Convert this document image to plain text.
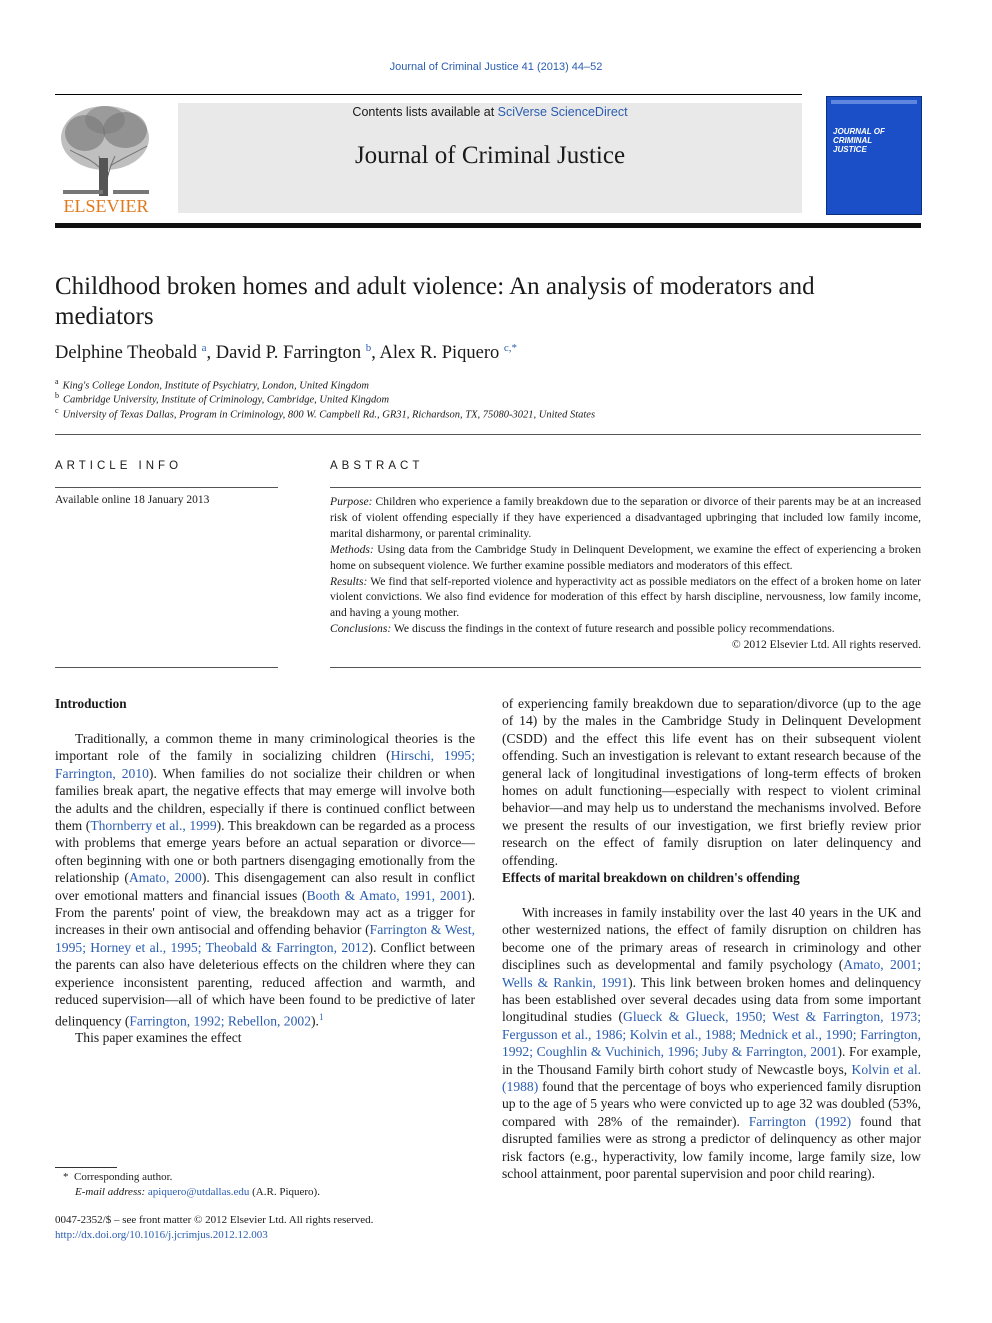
Journal of Criminal Justice 41 (2013) 44–52
ELSEVIER
Contents lists available at SciVerse ScienceDirect
Journal of Criminal Justice
JOURNAL OF CRIMINAL JUSTICE
Childhood broken homes and adult violence: An analysis of moderators and mediators
Delphine Theobald $^a$, David P. Farrington $^b$, Alex R. Piquero $^{c,*}$
$^a$ King's College London, Institute of Psychiatry, London, United Kingdom
$^b$ Cambridge University, Institute of Criminology, Cambridge, United Kingdom
$^c$ University of Texas Dallas, Program in Criminology, 800 W. Campbell Rd., GR31, Richardson, TX, 75080-3021, United States
ARTICLE INFO	ABSTRACT
Available online 18 January 2013	Purpose: Children who experience a family breakdown due to the separation or divorce of their parents may be at an increased risk of violent offending especially if they have experienced a disadvantaged upbringing that included low family income, marital disharmony, or parental criminality.

Methods: Using data from the Cambridge Study in Delinquent Development, we examine the effect of experiencing a broken home on subsequent violence. We further examine possible mediators and moderators of this effect.

Results: We find that self-reported violence and hyperactivity act as possible mediators on the effect of a broken home on later violent convictions. We also find evidence for moderation of this effect by harsh discipline, nervousness, low family income, and having a young mother.

Conclusions: We discuss the findings in the context of future research and possible policy recommendations.

© 2012 Elsevier Ltd. All rights reserved.

Introduction

Traditionally, a common theme in many criminological theories is the important role of the family in socializing children (Hirschi, 1995; Farrington, 2010). When families do not socialize their children or when families break apart, the negative effects that may emerge will involve both the adults and the children, especially if there is continued conflict between them (Thornberry et al., 1999). This breakdown can be regarded as a process with problems that emerge years before an actual separation or divorce—often beginning with one or both partners disengaging emotionally from the relationship (Amato, 2000). This disengagement can also result in conflict over emotional matters and financial issues (Booth & Amato, 1991, 2001). From the parents' point of view, the breakdown may act as a trigger for increases in their own antisocial and offending behavior (Farrington & West, 1995; Horney et al., 1995; Theobald & Farrington, 2012). Conflict between the parents can also have deleterious effects on the children where they can experience inconsistent parenting, reduced affection and warmth, and reduced supervision—all of which have been found to be predictive of later delinquency (Farrington, 1992; Rebellon, 2002).$^1$

This paper examines the effect

of experiencing family breakdown due to separation/divorce (up to the age of 14) by the males in the Cambridge Study in Delinquent Development (CSDD) and the effect this life event has on their subsequent violent offending. Such an investigation is relevant to extant research because of the general lack of longitudinal investigations of long-term effects of broken homes on adult functioning—especially with respect to violent criminal behavior—and may help us to understand the mechanisms involved. Before we present the results of our investigation, we first briefly review prior research on the effect of family disruption on later delinquency and offending.

Effects of marital breakdown on children's offending

With increases in family instability over the last 40 years in the UK and other westernized nations, the effect of family disruption on children has become one of the primary areas of research in criminology and other disciplines such as developmental and family psychology (Amato, 2001; Wells & Rankin, 1991). This link between broken homes and delinquency has been established over several decades using data from some important longitudinal studies (Glueck & Glueck, 1950; West & Farrington, 1973; Fergusson et al., 1986; Kolvin et al., 1988; Mednick et al., 1990; Farrington, 1992; Coughlin & Vuchinich, 1996; Juby & Farrington, 2001). For example, in the Thousand Family birth cohort study of Newcastle boys, Kolvin et al. (1988) found that the percentage of boys who experienced family disruption up to the age of 5 years who were convicted up to age 32 was doubled (53%, compared with 28% of the remainder). Farrington (1992) found that disrupted families were as strong a predictor of delinquency as other major risk factors (e.g., hyperactivity, low family income, large family size, low school attainment, poor parental supervision and poor child rearing).

*  Corresponding author.
E-mail address: apiquero@utdallas.edu (A.R. Piquero).
0047-2352/$ – see front matter © 2012 Elsevier Ltd. All rights reserved.
http://dx.doi.org/10.1016/j.jcrimjus.2012.12.003
